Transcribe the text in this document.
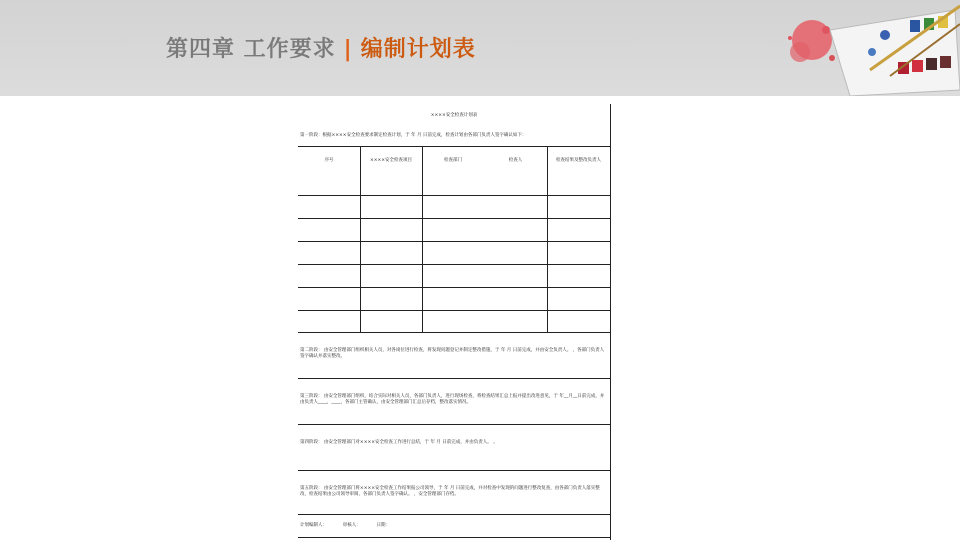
第四章 工作要求 | 编制计划表
××××安全检查计划表
第一阶段：根据××××安全检查要求制定检查计划，于 年 月 日前完成，检查计划由各部门负责人签字确认如下：
序号	××××安全检查项目	检查部门	检查人	检查结果及整改负责人
第二阶段： 由安全管理部门组织相关人员，对各岗位进行检查，将发现问题登记并制定整改措施，于 年 月 日前完成，并由安全负责人。 ，各部门负责人签字确认并落实整改。
第三阶段： 由安全管理部门组织，结合实际对相关人员，各部门负责人，进行现场检查，将检查结果汇总上报并提出改进意见，于 年__月__日前完成，并由负责人____，____，各部门主管确认，由安全管理部门汇总后存档，整改落实情况。
第四阶段： 由安全管理部门对××××安全检查工作进行总结，于 年 月 日前完成，并由负责人。 。
第五阶段： 由安全管理部门将××××安全检查工作结果报公司领导，于 年 月 日前完成，并对检查中发现的问题进行整改复查，由各部门负责人落实整改，检查结果由公司领导审阅，各部门负责人签字确认。 ，安全管理部门存档。
计划编制人：　　　　审核人：　　　　日期：
